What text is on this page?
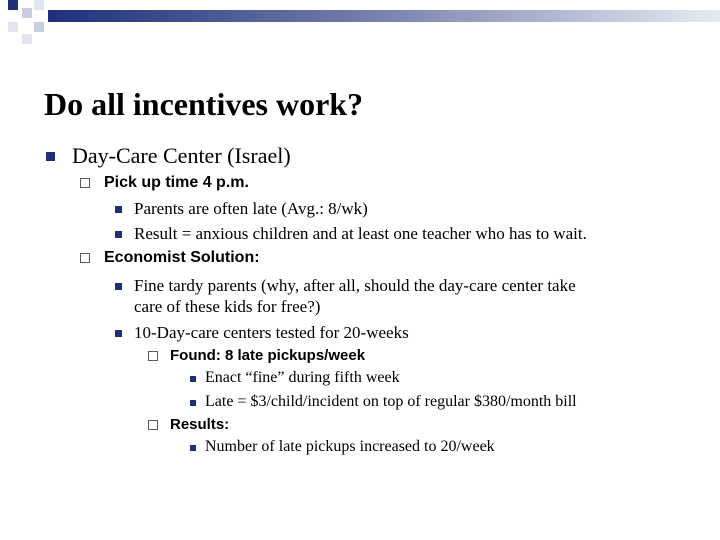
Do all incentives work?
Day-Care Center (Israel)
Pick up time 4 p.m.
Parents are often late (Avg.: 8/wk)
Result = anxious children and at least one teacher who has to wait.
Economist Solution:
Fine tardy parents (why, after all, should the day-care center take
care of these kids for free?)
10-Day-care centers tested for 20-weeks
Found: 8 late pickups/week
Enact “fine” during fifth week
Late = $3/child/incident on top of regular $380/month bill
Results:
Number of late pickups increased to 20/week
